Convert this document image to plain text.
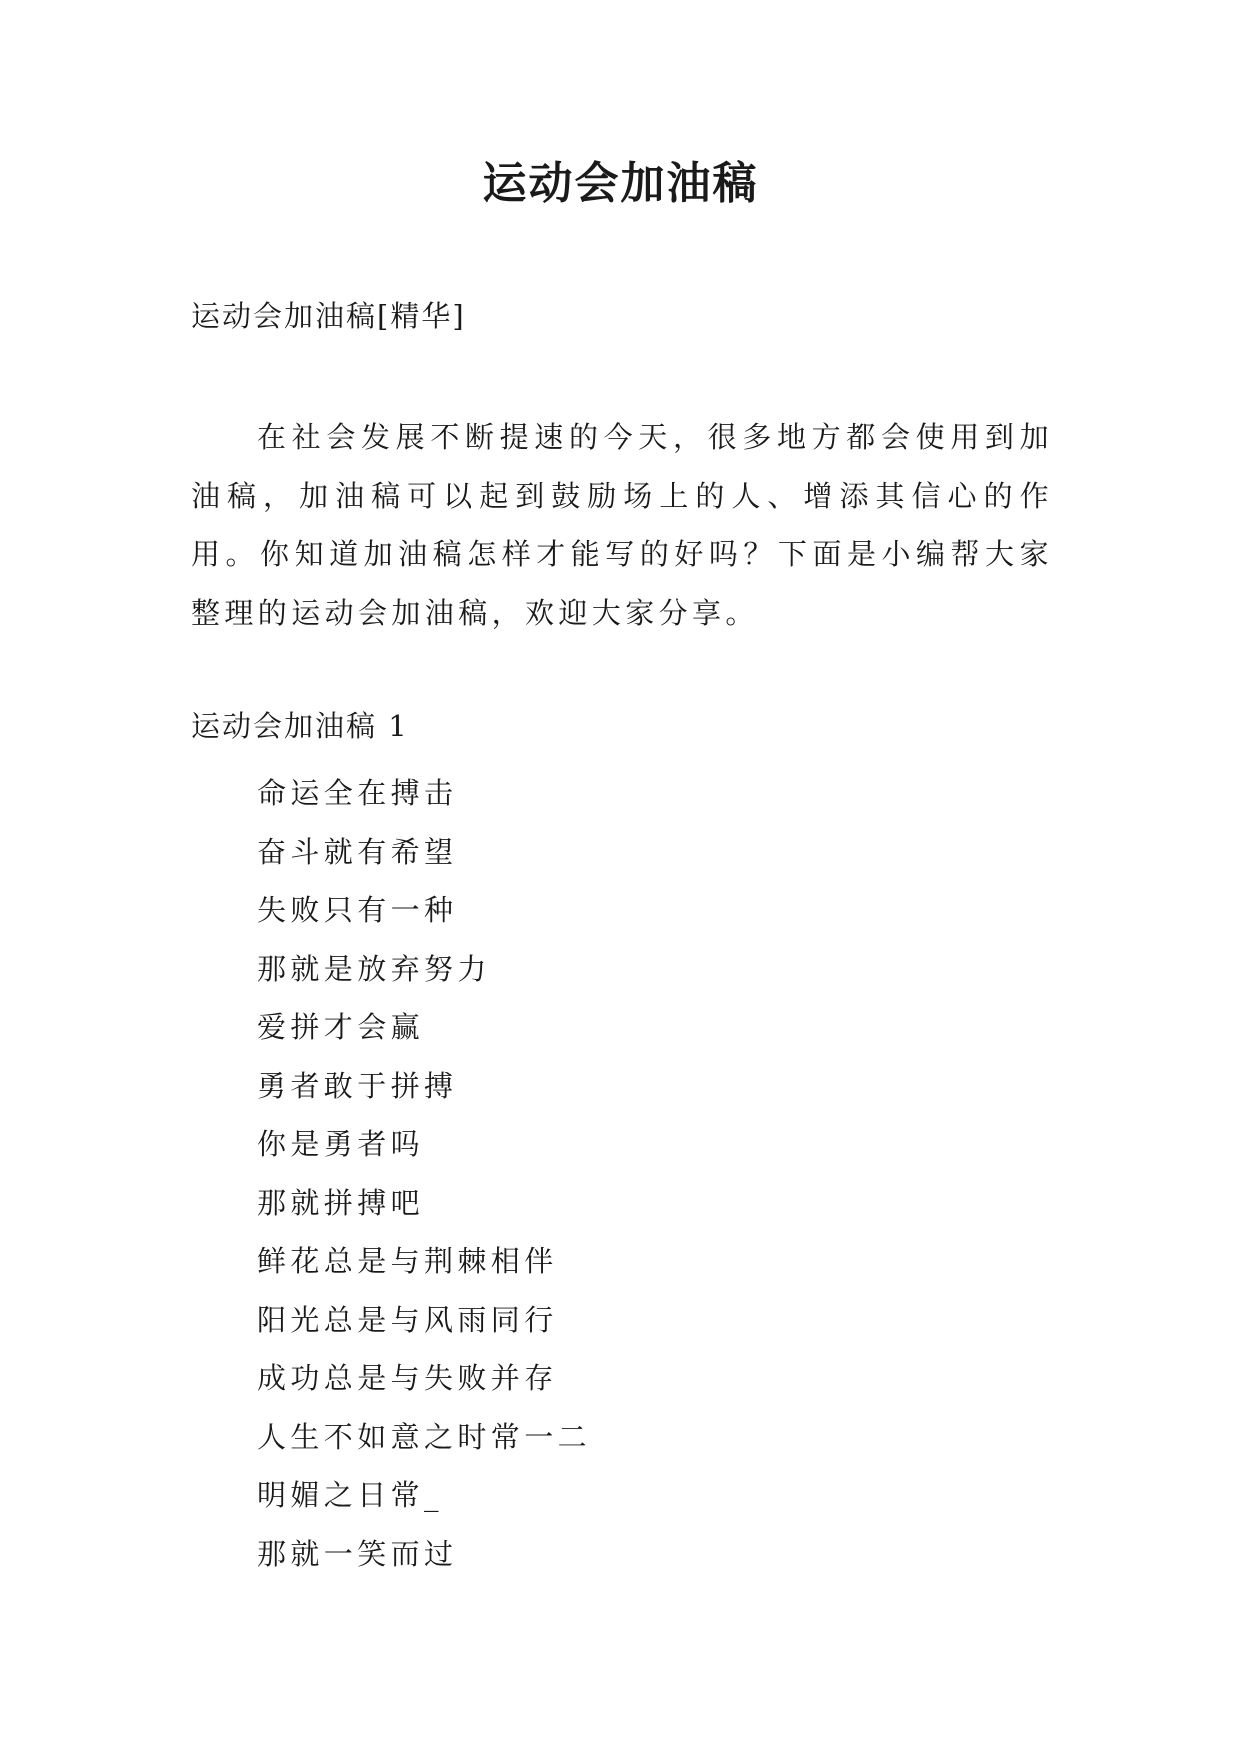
运动会加油稿
运动会加油稿[精华]

在社会发展不断提速的今天，很多地方都会使用到加油稿，加油稿可以起到鼓励场上的人、增添其信心的作用。你知道加油稿怎样才能写的好吗？下面是小编帮大家整理的运动会加油稿，欢迎大家分享。

运动会加油稿 1
命运全在搏击
奋斗就有希望
失败只有一种
那就是放弃努力
爱拼才会赢
勇者敢于拼搏
你是勇者吗
那就拼搏吧
鲜花总是与荆棘相伴
阳光总是与风雨同行
成功总是与失败并存
人生不如意之时常一二
明媚之日常_
那就一笑而过
